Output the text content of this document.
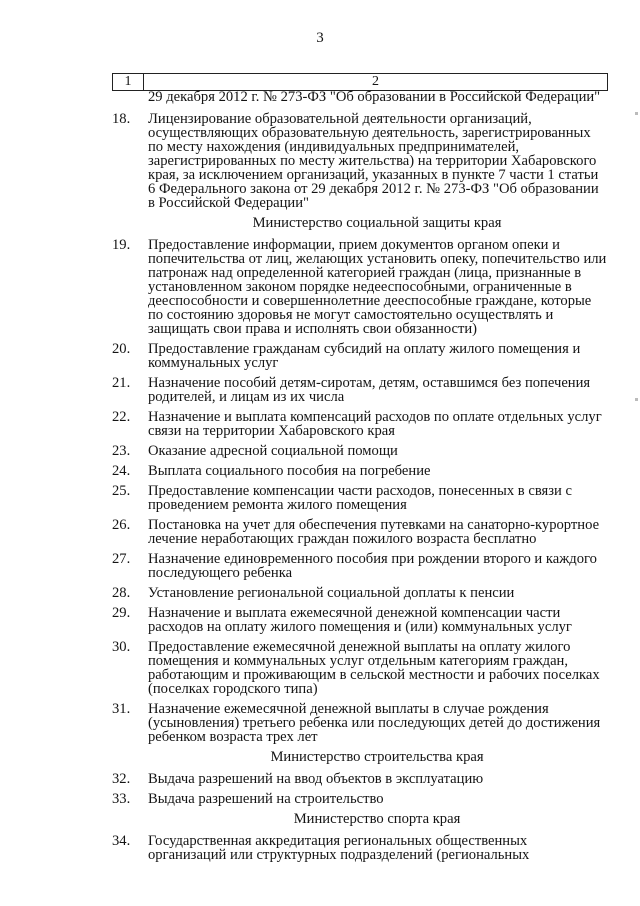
3
1	2
29 декабря 2012 г. № 273-ФЗ "Об образовании в Российской Федерации"
18.	Лицензирование образовательной деятельности организаций, осуществляющих образовательную деятельность, зарегистрированных по месту нахождения (индивидуальных предпринимателей, зарегистрированных по месту жительства) на территории Хабаровского края, за исключением организаций, указанных в пункте 7 части 1 статьи 6 Федерального закона от 29 декабря 2012 г. № 273-ФЗ "Об образовании в Российской Федерации"
Министерство социальной защиты края
19.	Предоставление информации, прием документов органом опеки и попечительства от лиц, желающих установить опеку, попечительство или патронаж над определенной категорией граждан (лица, признанные в установленном законом порядке недееспособными, ограниченные в дееспособности и совершеннолетние дееспособные граждане, которые по состоянию здоровья не могут самостоятельно осуществлять и защищать свои права и исполнять свои обязанности)
20.	Предоставление гражданам субсидий на оплату жилого помещения и коммунальных услуг
21.	Назначение пособий детям-сиротам, детям, оставшимся без попечения родителей, и лицам из их числа
22.	Назначение и выплата компенсаций расходов по оплате отдельных услуг связи на территории Хабаровского края
23.	Оказание адресной социальной помощи
24.	Выплата социального пособия на погребение
25.	Предоставление компенсации части расходов, понесенных в связи с проведением ремонта жилого помещения
26.	Постановка на учет для обеспечения путевками на санаторно-курортное лечение неработающих граждан пожилого возраста бесплатно
27.	Назначение единовременного пособия при рождении второго и каждого последующего ребенка
28.	Установление региональной социальной доплаты к пенсии
29.	Назначение и выплата ежемесячной денежной компенсации части расходов на оплату жилого помещения и (или) коммунальных услуг
30.	Предоставление ежемесячной денежной выплаты на оплату жилого помещения и коммунальных услуг отдельным категориям граждан, работающим и проживающим в сельской местности и рабочих поселках (поселках городского типа)
31.	Назначение ежемесячной денежной выплаты в случае рождения (усыновления) третьего ребенка или последующих детей до достижения ребенком возраста трех лет
Министерство строительства края
32.	Выдача разрешений на ввод объектов в эксплуатацию
33.	Выдача разрешений на строительство
Министерство спорта края
34.	Государственная аккредитация региональных общественных организаций или структурных подразделений (региональных
